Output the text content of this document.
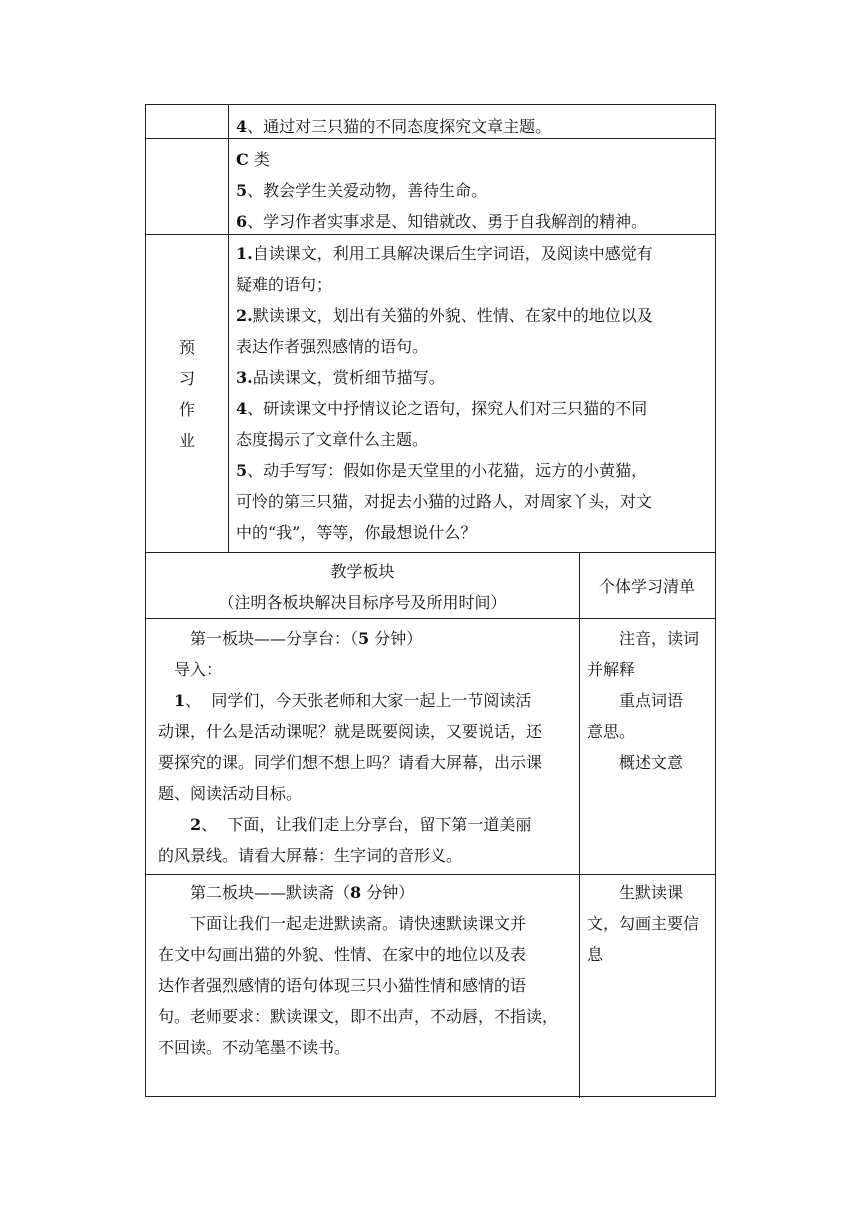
4、通过对三只猫的不同态度探究文章主题。

C 类

5、教会学生关爱动物，善待生命。

6、学习作者实事求是、知错就改、勇于自我解剖的精神。

预

习

作

业

1.自读课文，利用工具解决课后生字词语，及阅读中感觉有

疑难的语句；

2.默读课文，划出有关猫的外貌、性情、在家中的地位以及

表达作者强烈感情的语句。

3.品读课文，赏析细节描写。

4、研读课文中抒情议论之语句，探究人们对三只猫的不同

态度揭示了文章什么主题。

5、动手写写：假如你是天堂里的小花猫，远方的小黄猫，

可怜的第三只猫，对捉去小猫的过路人，对周家丫头，对文

中的“我”，等等，你最想说什么？

教学板块

（注明各板块解决目标序号及所用时间）

个体学习清单

第一板块——分享台：（5 分钟）

导入：

1、  同学们，今天张老师和大家一起上一节阅读活

动课，什么是活动课呢？就是既要阅读，又要说话，还

要探究的课。同学们想不想上吗？请看大屏幕，出示课

题、阅读活动目标。

2、  下面，让我们走上分享台，留下第一道美丽

的风景线。请看大屏幕：生字词的音形义。

注音，读词

并解释

重点词语

意思。

概述文意

第二板块——默读斋（8 分钟）

下面让我们一起走进默读斋。请快速默读课文并

在文中勾画出猫的外貌、性情、在家中的地位以及表

达作者强烈感情的语句体现三只小猫性情和感情的语

句。老师要求：默读课文，即不出声，不动唇，不指读，

不回读。不动笔墨不读书。

生默读课

文，勾画主要信

息
